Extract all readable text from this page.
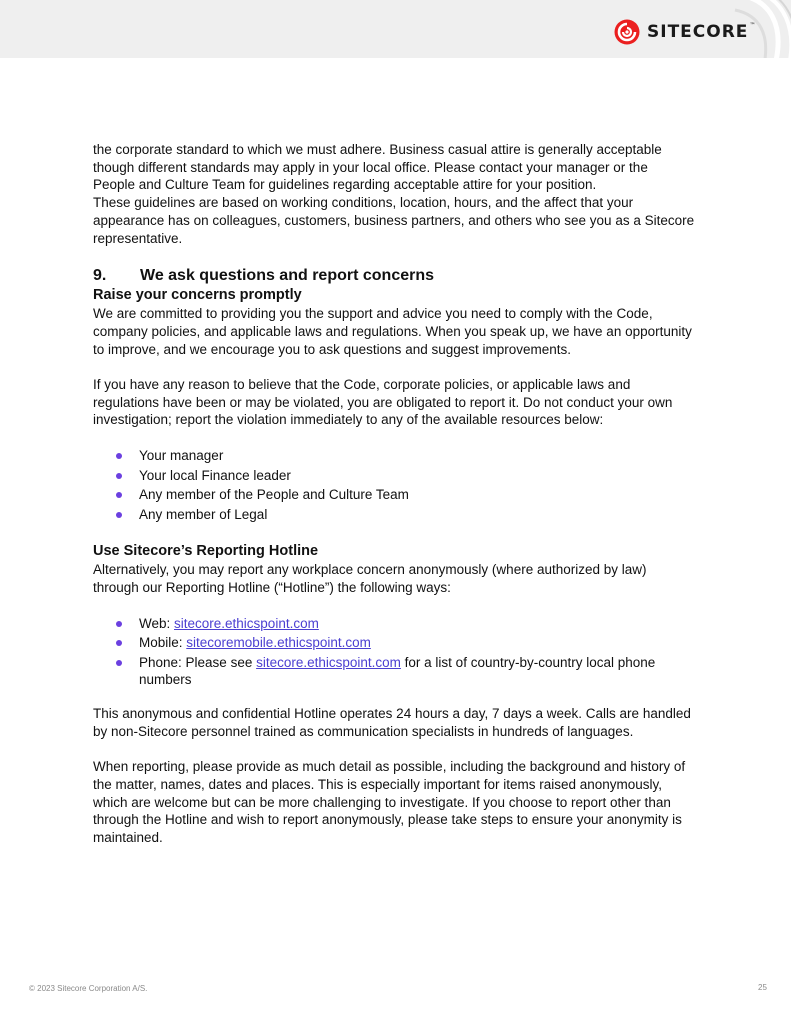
SITECORE™

the corporate standard to which we must adhere. Business casual attire is generally acceptable
though different standards may apply in your local office. Please contact your manager or the
People and Culture Team for guidelines regarding acceptable attire for your position.
These guidelines are based on working conditions, location, hours, and the affect that your
appearance has on colleagues, customers, business partners, and others who see you as a Sitecore
representative.

9.	We ask questions and report concerns
Raise your concerns promptly

We are committed to providing you the support and advice you need to comply with the Code,
company policies, and applicable laws and regulations. When you speak up, we have an opportunity
to improve, and we encourage you to ask questions and suggest improvements.

If you have any reason to believe that the Code, corporate policies, or applicable laws and
regulations have been or may be violated, you are obligated to report it. Do not conduct your own
investigation; report the violation immediately to any of the available resources below:

Your manager
Your local Finance leader
Any member of the People and Culture Team
Any member of Legal
Use Sitecore’s Reporting Hotline

Alternatively, you may report any workplace concern anonymously (where authorized by law)
through our Reporting Hotline (“Hotline”) the following ways:

Web: sitecore.ethicspoint.com
Mobile: sitecoremobile.ethicspoint.com
Phone: Please see sitecore.ethicspoint.com for a list of country-by-country local phone
numbers

This anonymous and confidential Hotline operates 24 hours a day, 7 days a week. Calls are handled
by non-Sitecore personnel trained as communication specialists in hundreds of languages.

When reporting, please provide as much detail as possible, including the background and history of
the matter, names, dates and places. This is especially important for items raised anonymously,
which are welcome but can be more challenging to investigate. If you choose to report other than
through the Hotline and wish to report anonymously, please take steps to ensure your anonymity is
maintained.

© 2023 Sitecore Corporation A/S.	25
